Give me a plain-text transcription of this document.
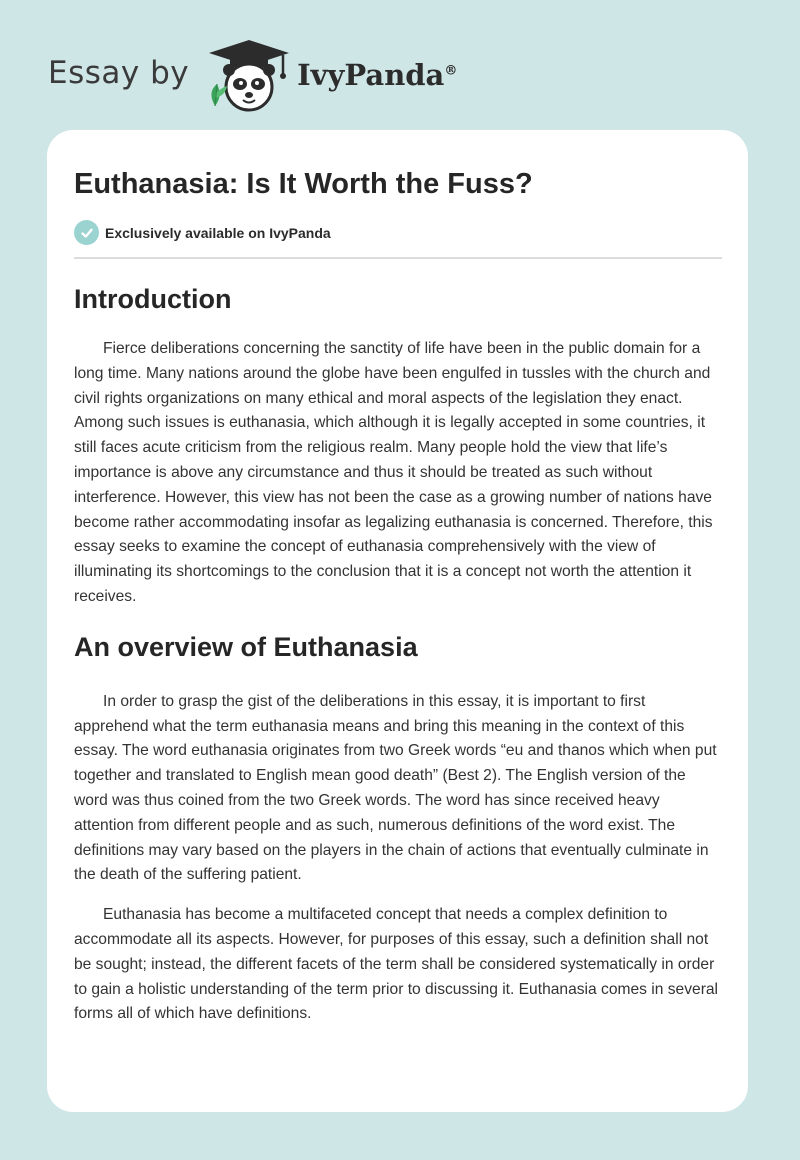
Essay by	IvyPanda®
Euthanasia: Is It Worth the Fuss?
Exclusively available on IvyPanda
Introduction

Fierce deliberations concerning the sanctity of life have been in the public domain for a long time. Many nations around the globe have been engulfed in tussles with the church and civil rights organizations on many ethical and moral aspects of the legislation they enact. Among such issues is euthanasia, which although it is legally accepted in some countries, it still faces acute criticism from the religious realm. Many people hold the view that life’s importance is above any circumstance and thus it should be treated as such without interference. However, this view has not been the case as a growing number of nations have become rather accommodating insofar as legalizing euthanasia is concerned. Therefore, this essay seeks to examine the concept of euthanasia comprehensively with the view of illuminating its shortcomings to the conclusion that it is a concept not worth the attention it receives.

An overview of Euthanasia

In order to grasp the gist of the deliberations in this essay, it is important to first apprehend what the term euthanasia means and bring this meaning in the context of this essay. The word euthanasia originates from two Greek words “eu and thanos which when put together and translated to English mean good death” (Best 2). The English version of the word was thus coined from the two Greek words. The word has since received heavy attention from different people and as such, numerous definitions of the word exist. The definitions may vary based on the players in the chain of actions that eventually culminate in the death of the suffering patient.

Euthanasia has become a multifaceted concept that needs a complex definition to accommodate all its aspects. However, for purposes of this essay, such a definition shall not be sought; instead, the different facets of the term shall be considered systematically in order to gain a holistic understanding of the term prior to discussing it. Euthanasia comes in several forms all of which have definitions.
